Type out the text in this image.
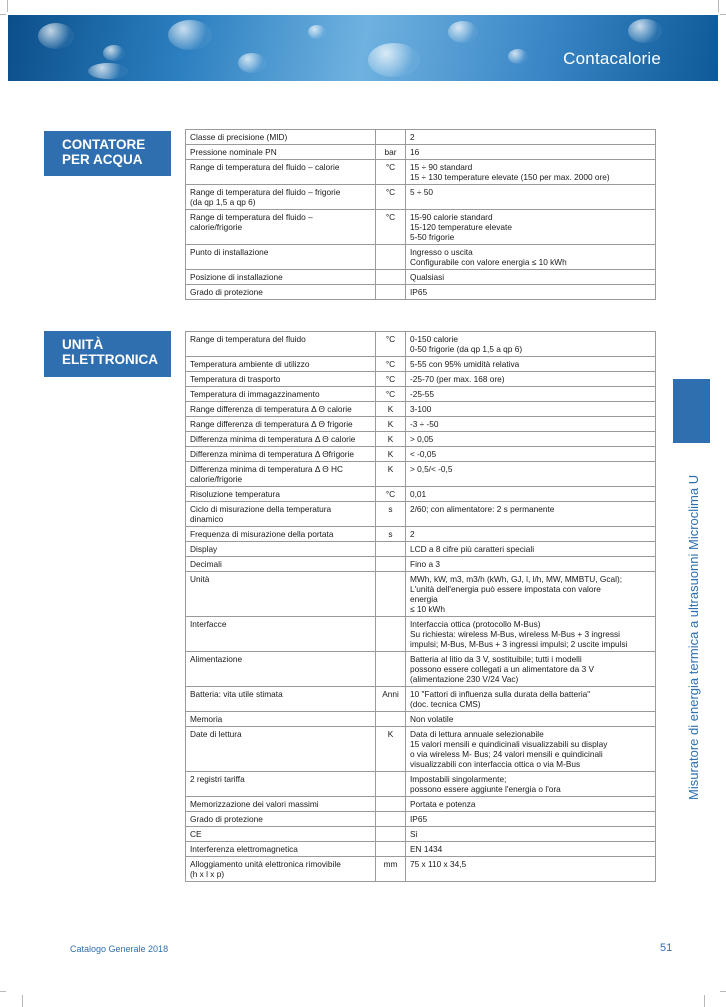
Contacalorie
CONTATORE
PER ACQUA
Classe di precisione (MID)		2
Pressione nominale PN	bar	16
Range di temperatura del fluido – calorie	°C	15 ÷ 90 standard
15 ÷ 130 temperature elevate (150 per max. 2000 ore)
Range di temperatura del fluido – frigorie
(da qp 1,5 a qp 6)	°C	5 ÷ 50
Range di temperatura del fluido –
calorie/frigorie	°C	15-90 calorie standard
15-120 temperature elevate
5-50 frigorie
Punto di installazione		Ingresso o uscita
Configurabile con valore energia ≤ 10 kWh
Posizione di installazione		Qualsiasi
Grado di protezione		IP65
UNITÀ
ELETTRONICA
Range di temperatura del fluido	°C	0-150 calorie
0-50 frigorie (da qp 1,5 a qp 6)
Temperatura ambiente di utilizzo	°C	5-55 con 95% umidità relativa
Temperatura di trasporto	°C	-25-70 (per max. 168 ore)
Temperatura di immagazzinamento	°C	-25-55
Range differenza di temperatura Δ Θ calorie	K	3-100
Range differenza di temperatura Δ Θ frigorie	K	-3 ÷ -50
Differenza minima di temperatura Δ Θ calorie	K	> 0,05
Differenza minima di temperatura Δ Θfrigorie	K	< -0,05
Differenza minima di temperatura Δ Θ HC
calorie/frigorie	K	> 0,5/< -0,5
Risoluzione temperatura	°C	0,01
Ciclo di misurazione della temperatura
dinamico	s	2/60; con alimentatore: 2 s permanente
Frequenza di misurazione della portata	s	2
Display		LCD a 8 cifre più caratteri speciali
Decimali		Fino a 3
Unità		MWh, kW, m3, m3/h (kWh, GJ, l, l/h, MW, MMBTU, Gcal);
L'unità dell'energia può essere impostata con valore
energia
≤ 10 kWh
Interfacce		Interfaccia ottica (protocollo M-Bus)
Su richiesta: wireless M-Bus, wireless M-Bus + 3 ingressi
impulsi; M-Bus, M-Bus + 3 ingressi impulsi; 2 uscite impulsi
Alimentazione		Batteria al litio da 3 V, sostituibile; tutti i modelli
possono essere collegati a un alimentatore da 3 V
(alimentazione 230 V/24 Vac)
Batteria: vita utile stimata	Anni	10 "Fattori di influenza sulla durata della batteria"
(doc. tecnica CMS)
Memoria		Non volatile
Date di lettura	K	Data di lettura annuale selezionabile
15 valori mensili e quindicinali visualizzabili su display
o via wireless M- Bus; 24 valori mensili e quindicinali
visualizzabili con interfaccia ottica o via M-Bus
2 registri tariffa		Impostabili singolarmente;
possono essere aggiunte l'energia o l'ora
Memorizzazione dei valori massimi		Portata e potenza
Grado di protezione		IP65
CE		Sì
Interferenza elettromagnetica		EN 1434
Alloggiamento unità elettronica rimovibile
(h x l x p)	mm	75 x 110 x 34,5
Misuratore di energia termica a ultrasuonni Microclima U
Catalogo Generale 2018	51
